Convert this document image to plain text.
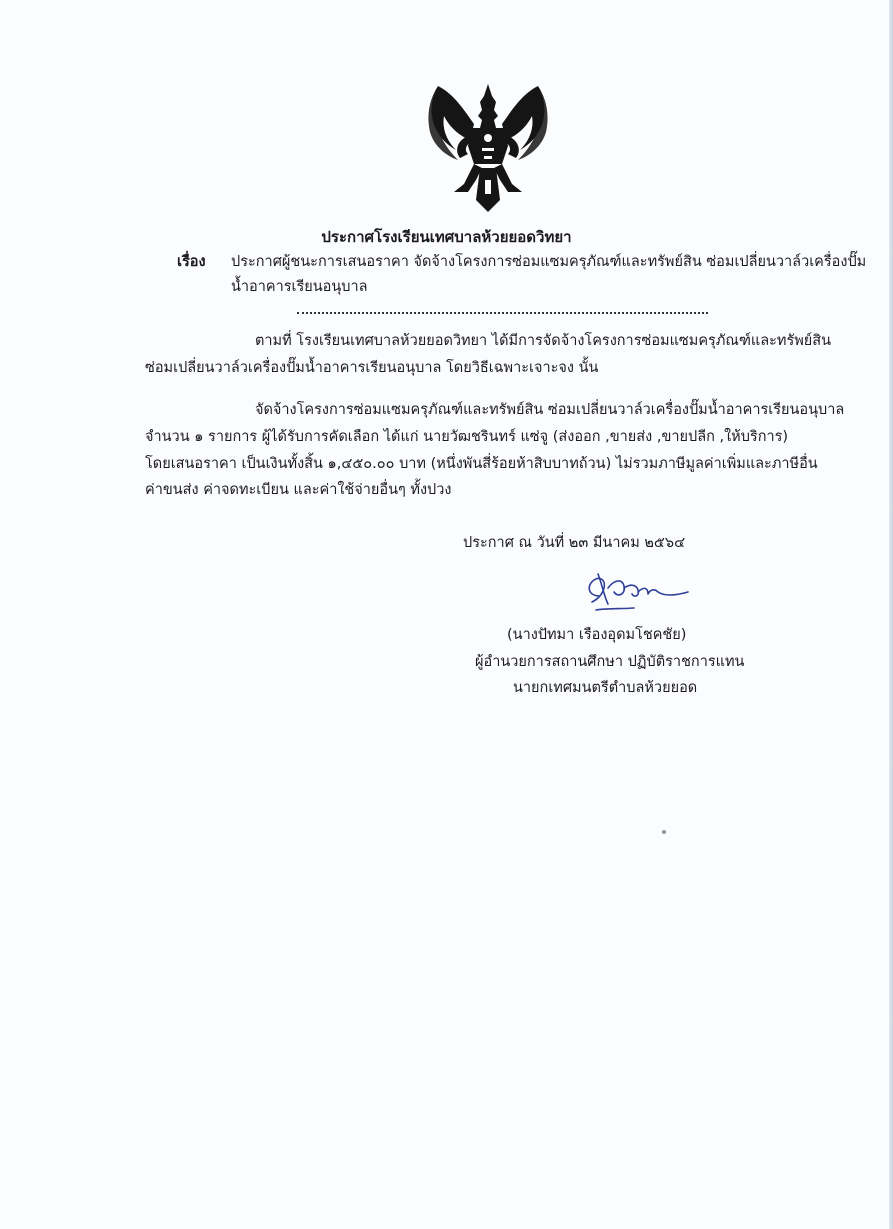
ประกาศโรงเรียนเทศบาลห้วยยอดวิทยา
เรื่อง ประกาศผู้ชนะการเสนอราคา จัดจ้างโครงการซ่อมแซมครุภัณฑ์และทรัพย์สิน ซ่อมเปลี่ยนวาล์วเครื่องปั๊ม
น้ำอาคารเรียนอนุบาล
ตามที่ โรงเรียนเทศบาลห้วยยอดวิทยา ได้มีการจัดจ้างโครงการซ่อมแซมครุภัณฑ์และทรัพย์สิน
ซ่อมเปลี่ยนวาล์วเครื่องปั๊มน้ำอาคารเรียนอนุบาล โดยวิธีเฉพาะเจาะจง นั้น
จัดจ้างโครงการซ่อมแซมครุภัณฑ์และทรัพย์สิน ซ่อมเปลี่ยนวาล์วเครื่องปั๊มน้ำอาคารเรียนอนุบาล
จำนวน ๑ รายการ ผู้ได้รับการคัดเลือก ได้แก่ นายวัฒชรินทร์ แซ่จู (ส่งออก ,ขายส่ง ,ขายปลีก ,ให้บริการ)
โดยเสนอราคา เป็นเงินทั้งสิ้น ๑,๔๕๐.๐๐ บาท (หนึ่งพันสี่ร้อยห้าสิบบาทถ้วน) ไม่รวมภาษีมูลค่าเพิ่มและภาษีอื่น
ค่าขนส่ง ค่าจดทะเบียน และค่าใช้จ่ายอื่นๆ ทั้งปวง
ประกาศ ณ วันที่ ๒๓ มีนาคม ๒๕๖๔
(นางปัทมา เรืองอุดมโชคชัย)
ผู้อำนวยการสถานศึกษา ปฏิบัติราชการแทน
นายกเทศมนตรีตำบลห้วยยอด
